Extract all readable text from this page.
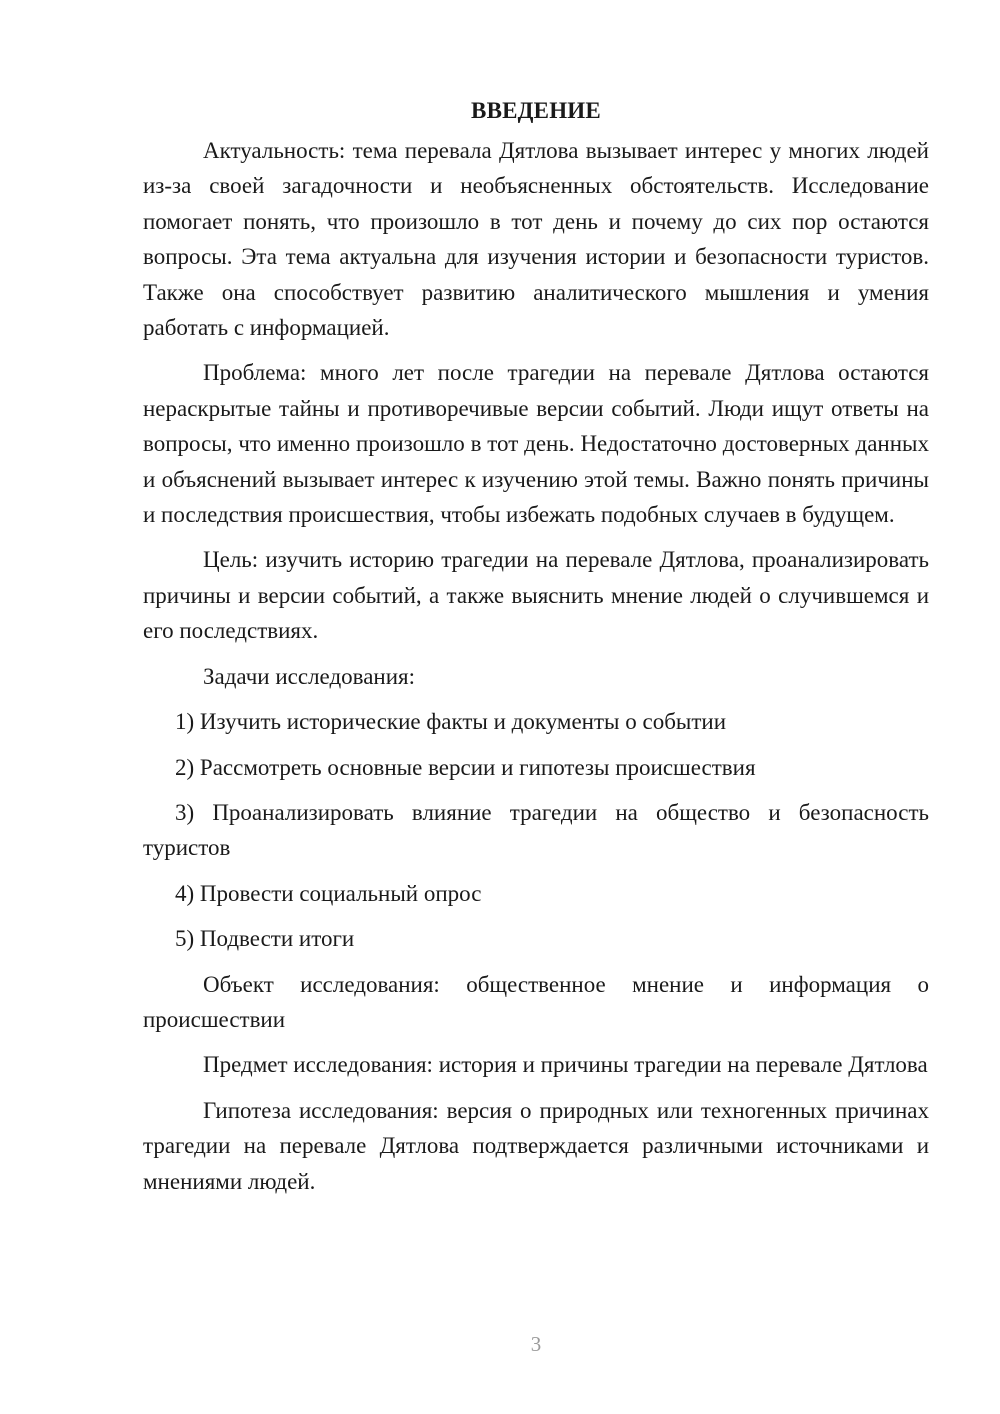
ВВЕДЕНИЕ

Актуальность: тема перевала Дятлова вызывает интерес у многих людей из-за своей загадочности и необъясненных обстоятельств. Исследование помогает понять, что произошло в тот день и почему до сих пор остаются вопросы. Эта тема актуальна для изучения истории и безопасности туристов. Также она способствует развитию аналитического мышления и умения работать с информацией.

Проблема: много лет после трагедии на перевале Дятлова остаются нераскрытые тайны и противоречивые версии событий. Люди ищут ответы на вопросы, что именно произошло в тот день. Недостаточно достоверных данных и объяснений вызывает интерес к изучению этой темы. Важно понять причины и последствия происшествия, чтобы избежать подобных случаев в будущем.

Цель: изучить историю трагедии на перевале Дятлова, проанализировать причины и версии событий, а также выяснить мнение людей о случившемся и его последствиях.

Задачи исследования:

1) Изучить исторические факты и документы о событии

2) Рассмотреть основные версии и гипотезы происшествия

3) Проанализировать влияние трагедии на общество и безопасность туристов

4) Провести социальный опрос

5) Подвести итоги

Объект исследования: общественное мнение и информация о происшествии

Предмет исследования: история и причины трагедии на перевале Дятлова

Гипотеза исследования: версия о природных или техногенных причинах трагедии на перевале Дятлова подтверждается различными источниками и мнениями людей.

3
